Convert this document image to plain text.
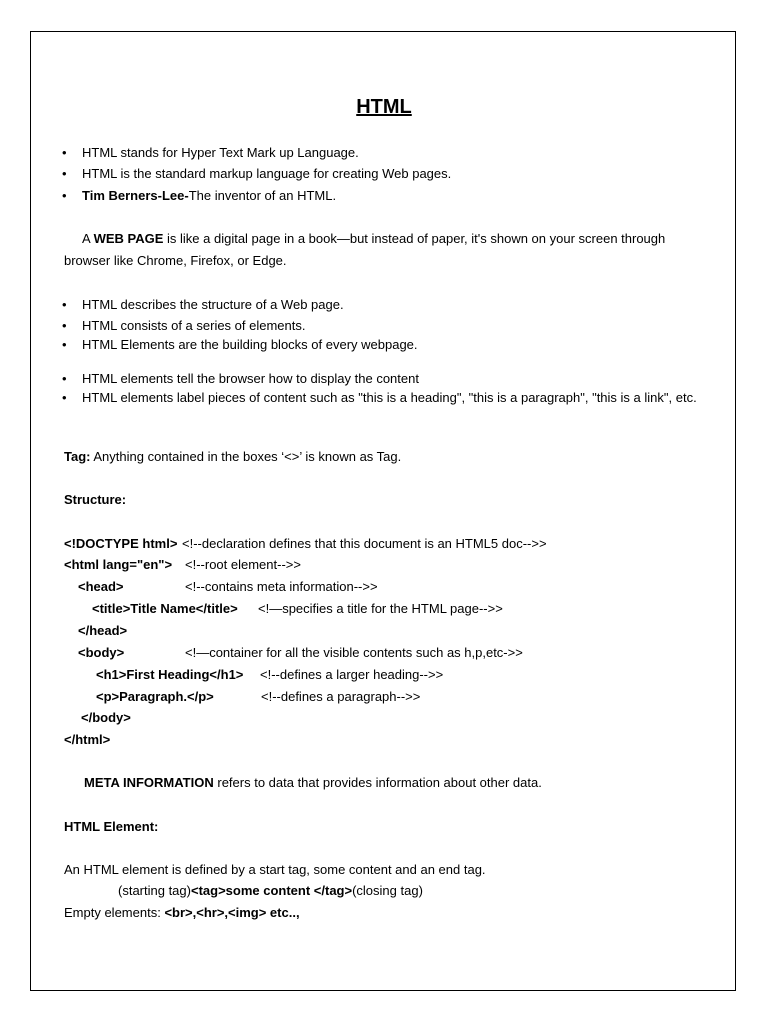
HTML
• HTML stands for Hyper Text Mark up Language.
• HTML is the standard markup language for creating Web pages.
• Tim Berners-Lee-The inventor of an HTML.
A WEB PAGE is like a digital page in a book—but instead of paper, it's shown on your screen through browser like Chrome, Firefox, or Edge.
• HTML describes the structure of a Web page.
• HTML consists of a series of elements.
• HTML Elements are the building blocks of every webpage.
• HTML elements tell the browser how to display the content
• HTML elements label pieces of content such as "this is a heading", "this is a paragraph", "this is a link", etc.
Tag: Anything contained in the boxes ‘<>’ is known as Tag.
Structure:
<!DOCTYPE html> <!--declaration defines that this document is an HTML5 doc-->>
<html lang="en"> <!--root element-->>
<head>	<!--contains meta information-->>
<title>Title Name</title> <!—specifies a title for the HTML page-->>
</head>
<body>	<!—container for all the visible contents such as h,p,etc->>
<h1>First Heading</h1> <!--defines a larger heading-->>
<p>Paragraph.</p>	<!--defines a paragraph-->>
</body>
</html>
META INFORMATION refers to data that provides information about other data.
HTML Element:
An HTML element is defined by a start tag, some content and an end tag.
(starting tag)<tag>some content </tag>(closing tag)
Empty elements: <br>,<hr>,<img> etc..,
